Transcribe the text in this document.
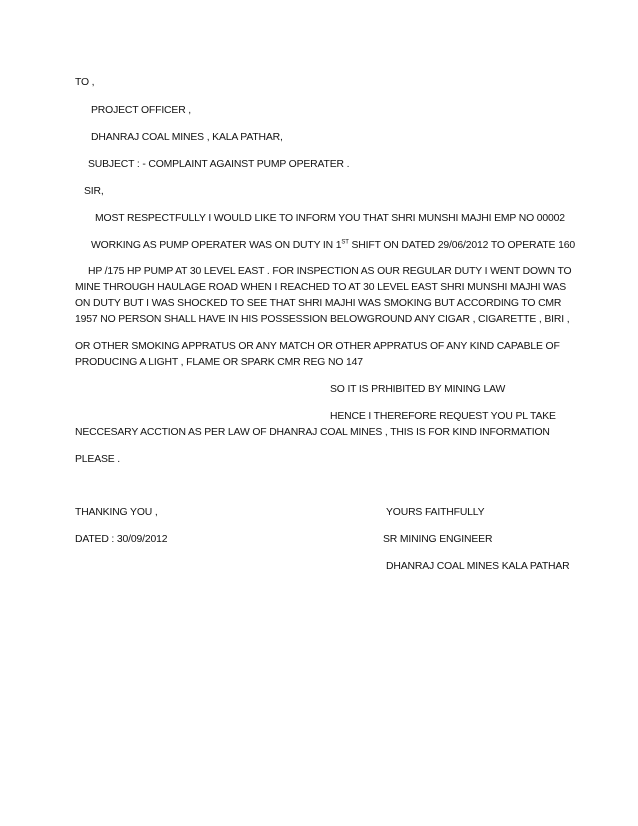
TO ,

PROJECT OFFICER ,

DHANRAJ COAL MINES , KALA PATHAR,

SUBJECT : - COMPLAINT AGAINST PUMP OPERATER .

SIR,

MOST RESPECTFULLY I WOULD LIKE TO INFORM YOU THAT SHRI MUNSHI MAJHI EMP NO 00002

WORKING AS PUMP OPERATER WAS ON DUTY IN 1ST SHIFT ON DATED 29/06/2012 TO OPERATE 160

HP /175 HP PUMP AT 30 LEVEL EAST . FOR INSPECTION AS OUR REGULAR DUTY I WENT DOWN TO

MINE THROUGH HAULAGE ROAD WHEN I REACHED TO AT 30 LEVEL EAST SHRI MUNSHI MAJHI WAS

ON DUTY BUT I WAS SHOCKED TO SEE THAT SHRI MAJHI WAS SMOKING BUT ACCORDING TO CMR

1957 NO PERSON SHALL HAVE IN HIS POSSESSION BELOWGROUND ANY CIGAR , CIGARETTE , BIRI ,

OR OTHER SMOKING APPRATUS OR ANY MATCH OR OTHER APPRATUS OF ANY KIND CAPABLE OF

PRODUCING A LIGHT , FLAME OR SPARK CMR REG NO 147

SO IT IS PRHIBITED BY MINING LAW

HENCE I THEREFORE REQUEST YOU PL TAKE

NECCESARY ACCTION AS PER LAW OF DHANRAJ COAL MINES , THIS IS FOR KIND INFORMATION

PLEASE .

THANKING YOU ,	YOURS FAITHFULLY

DATED : 30/09/2012	SR MINING ENGINEER

DHANRAJ COAL MINES KALA PATHAR
